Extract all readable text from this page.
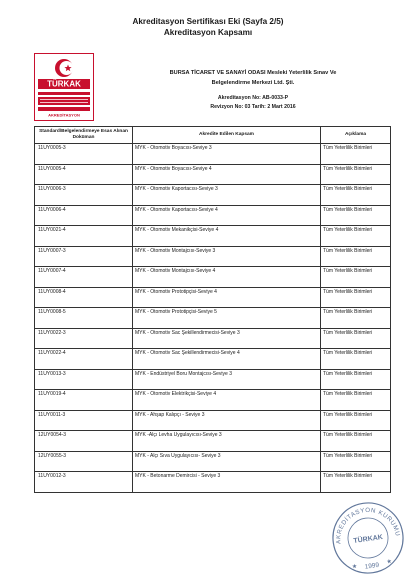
Akreditasyon Sertifikası Eki (Sayfa 2/5)
Akreditasyon Kapsamı
TÜRKAK
AKREDİTASYON
BURSA TİCARET VE SANAYİ ODASI Mesleki Yeterlilik Sınav Ve
Belgelendirme Merkezi Ltd. Şti.
Akreditasyon No: AB-0033-P
Revizyon No: 03 Tarih: 2 Mart 2016
Standard/Belgelendirmeye Esas Alınan Doküman	Akredite Edilen Kapsam	Açıklama
11UY0005-3	MYK - Otomotiv Boyacısı-Seviye 3	Tüm Yeterlilik Birimleri
11UY0005-4	MYK - Otomotiv Boyacısı-Seviye 4	Tüm Yeterlilik Birimleri
11UY0006-3	MYK - Otomotiv Kaportacısı-Seviye 3	Tüm Yeterlilik Birimleri
11UY0006-4	MYK - Otomotiv Kaportacısı-Seviye 4	Tüm Yeterlilik Birimleri
11UY0021-4	MYK - Otomotiv Mekanikçisi-Seviye 4	Tüm Yeterlilik Birimleri
11UY0007-3	MYK - Otomotiv Montajcısı-Seviye 3	Tüm Yeterlilik Birimleri
11UY0007-4	MYK - Otomotiv Montajcısı-Seviye 4	Tüm Yeterlilik Birimleri
11UY0008-4	MYK - Otomotiv Prototipçisi-Seviye 4	Tüm Yeterlilik Birimleri
11UY0008-5	MYK - Otomotiv Prototipçisi-Seviye 5	Tüm Yeterlilik Birimleri
11UY0022-3	MYK - Otomotiv Sac Şekillendirmecisi-Seviye 3	Tüm Yeterlilik Birimleri
11UY0022-4	MYK - Otomotiv Sac Şekillendirmecisi-Seviye 4	Tüm Yeterlilik Birimleri
11UY0013-3	MYK - Endüstriyel Boru Montajcısı-Seviye 3	Tüm Yeterlilik Birimleri
11UY0019-4	MYK - Otomotiv Elektrikçisi-Seviye 4	Tüm Yeterlilik Birimleri
11UY0011-3	MYK - Ahşap Kalıpçı - Seviye 3	Tüm Yeterlilik Birimleri
12UY0054-3	MYK -Alçı Levha Uygulayıcısı-Seviye 3	Tüm Yeterlilik Birimleri
12UY0055-3	MYK - Alçı Sıva Uygulayıcısı- Seviye 3	Tüm Yeterlilik Birimleri
11UY0012-3	MYK - Betonarme Demircisi - Seviye 3	Tüm Yeterlilik Birimleri
AKREDİTASYON KURUMU
TÜRKAK
1999
★
★
